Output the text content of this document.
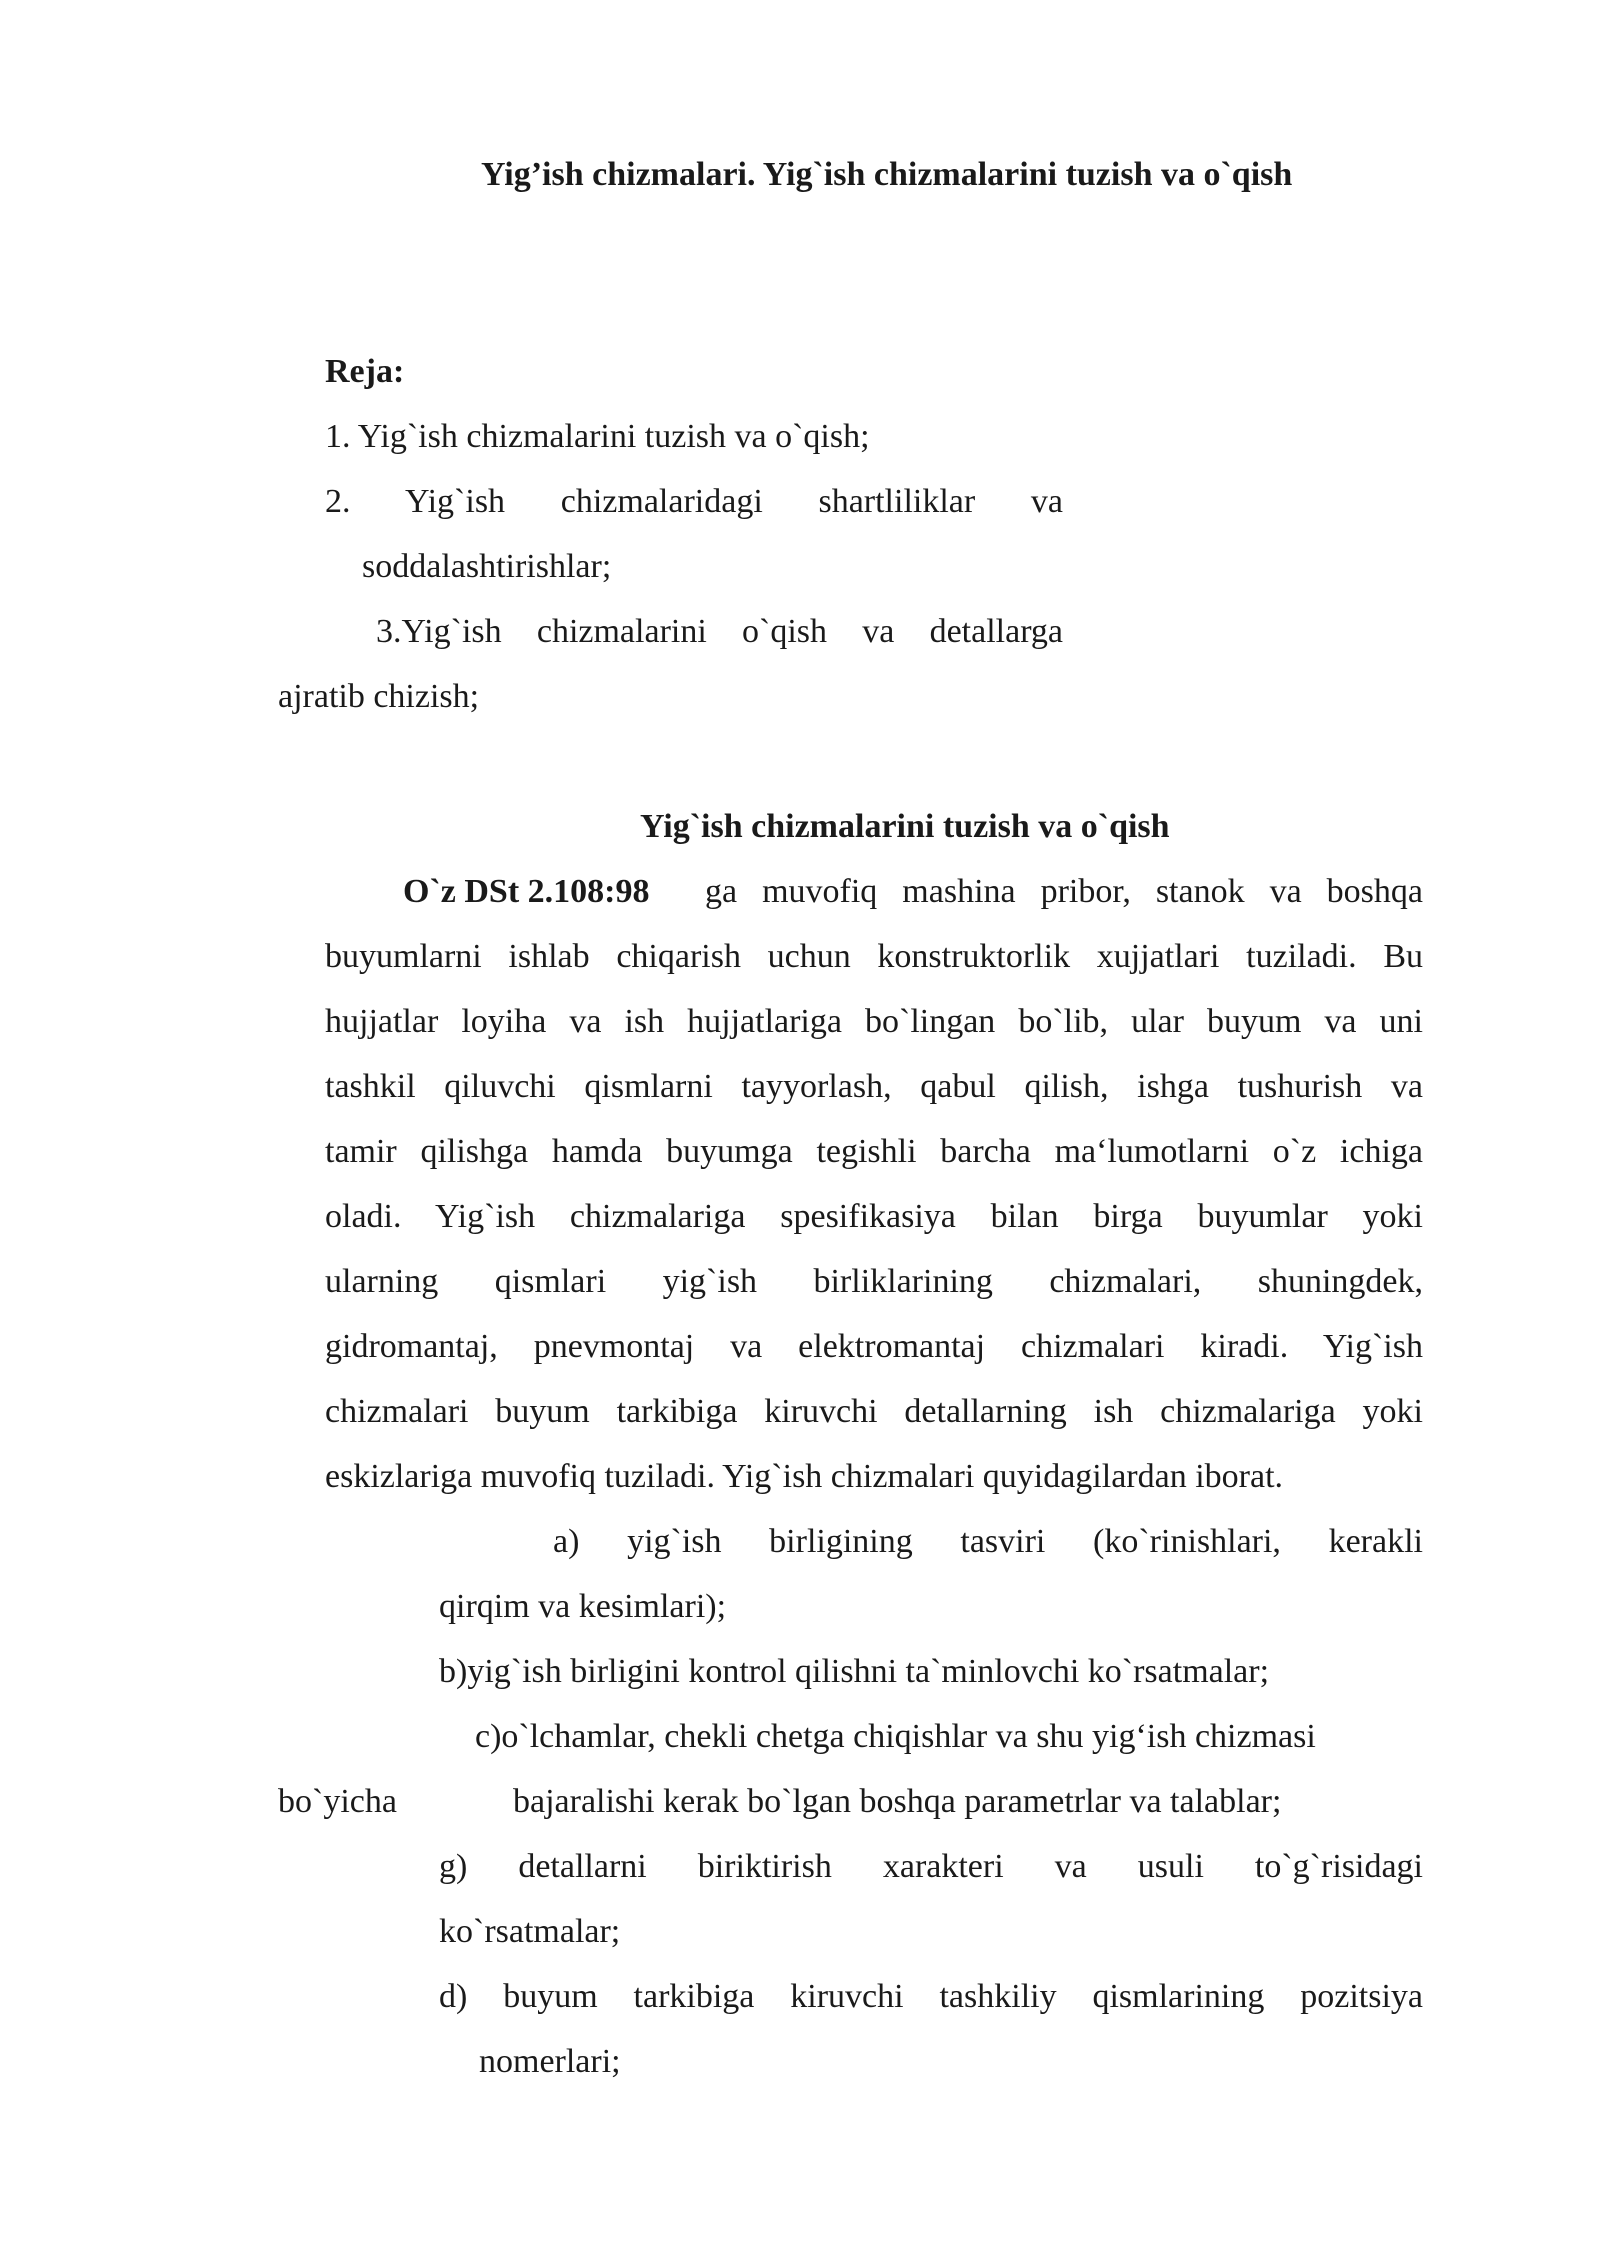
Yig’ish chizmalari. Yig`ish chizmalarini tuzish va o`qish
Reja:
1. Yig`ish chizmalarini tuzish va o`qish;
2. Yig`ish chizmalaridagi shartliliklar va
soddalashtirishlar;
3.Yig`ish chizmalarini o`qish va detallarga
ajratib chizish;
Yig`ish chizmalarini tuzish va o`qish
O`z DSt 2.108:98 ga muvofiq mashina pribor, stanok va boshqa
buyumlarni ishlab chiqarish uchun konstruktorlik xujjatlari tuziladi. Bu
hujjatlar loyiha va ish hujjatlariga bo`lingan bo`lib, ular buyum va uni
tashkil qiluvchi qismlarni tayyorlash, qabul qilish, ishga tushurish va
tamir qilishga hamda buyumga tegishli barcha ma‘lumotlarni o`z ichiga
oladi. Yig`ish chizmalariga spesifikasiya bilan birga buyumlar yoki
ularning qismlari yig`ish birliklarining chizmalari, shuningdek,
gidromantaj, pnevmontaj va elektromantaj chizmalari kiradi. Yig`ish
chizmalari buyum tarkibiga kiruvchi detallarning ish chizmalariga yoki
eskizlariga muvofiq tuziladi. Yig`ish chizmalari quyidagilardan iborat.
a) yig`ish birligining tasviri (ko`rinishlari, kerakli
qirqim va kesimlari);
b)yig`ish birligini kontrol qilishni ta`minlovchi ko`rsatmalar;
c)o`lchamlar, chekli chetga chiqishlar va shu yig‘ish chizmasi
bo`yicha	bajaralishi kerak bo`lgan boshqa parametrlar va talablar;
g) detallarni biriktirish xarakteri va usuli to`g`risidagi
ko`rsatmalar;
d) buyum tarkibiga kiruvchi tashkiliy qismlarining pozitsiya
nomerlari;
